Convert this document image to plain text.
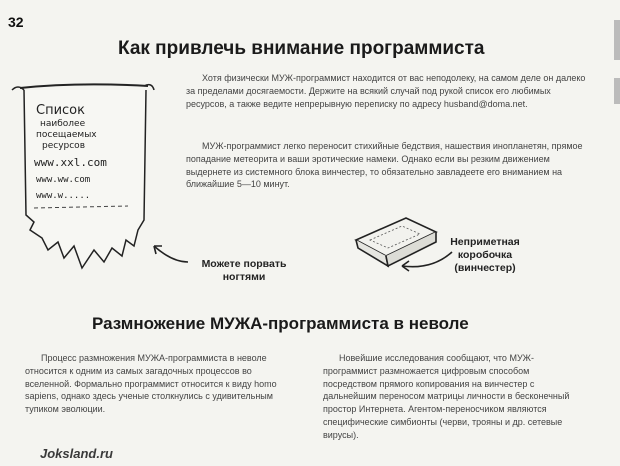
32
Как привлечь внимание программиста

Хотя физически МУЖ-программист находится от вас неподолеку, на самом деле он далеко за пределами досягаемости. Держите на всякий случай под рукой список его любимых ресурсов, а также ведите непрерывную переписку по адресу husband@doma.net.

МУЖ-программист легко переносит стихийные бедствия, нашествия инопланетян, прямое попадание метеорита и ваши эротические намеки. Однако если вы резким движением выдернете из системного блока винчестер, то обязательно завладеете его вниманием на ближайшие 5—10 минут.

Список
наиболее
посещаемых
ресурсов
www.xxl.com
www.ww.com
www.w.....
Можете порвать
ногтями
Неприметная
коробочка
(винчестер)
Размножение МУЖА-программиста в неволе

Процесс размножения МУЖА-программиста в неволе относится к одним из самых загадочных процессов во вселенной. Формально программист относится к виду homo sapiens, однако здесь ученые столкнулись с удивительным тупиком эволюции.

Новейшие исследования сообщают, что МУЖ-программист размножается цифровым способом посредством прямого копирования на винчестер с дальнейшим переносом матрицы личности в бесконечный простор Интернета. Агентом-переносчиком являются специфические симбионты (черви, трояны и др. сетевые вирусы).

Joksland.ru
